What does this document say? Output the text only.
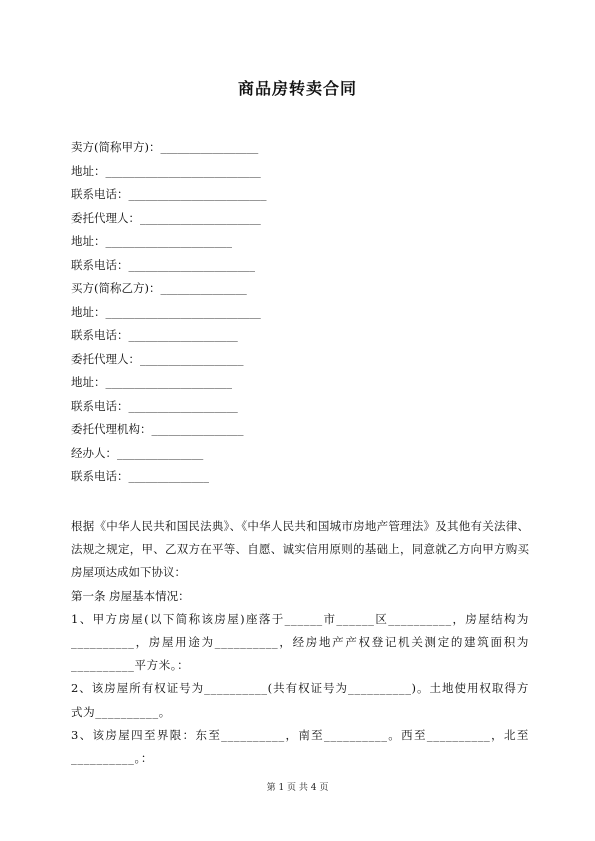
商品房转卖合同
卖方(简称甲方)：_________________
地址：___________________________
联系电话：________________________
委托代理人：_____________________
地址：______________________
联系电话：______________________
买方(简称乙方)：_______________
地址：___________________________
联系电话：___________________
委托代理人：__________________
地址：______________________
联系电话：___________________
委托代理机构：________________
经办人：_______________
联系电话：______________
根据《中华人民共和国民法典》、《中华人民共和国城市房地产管理法》及其他有关法律、法规之规定，甲、乙双方在平等、自愿、诚实信用原则的基础上，同意就乙方向甲方购买房屋项达成如下协议：
第一条 房屋基本情况：
1、甲方房屋(以下简称该房屋)座落于______市______区__________，房屋结构为__________，房屋用途为__________，经房地产产权登记机关测定的建筑面积为__________平方米。：
2、该房屋所有权证号为__________(共有权证号为__________)。土地使用权取得方式为__________。
3、该房屋四至界限：东至__________，南至__________。西至__________，北至__________。：
第 1 页 共 4 页
